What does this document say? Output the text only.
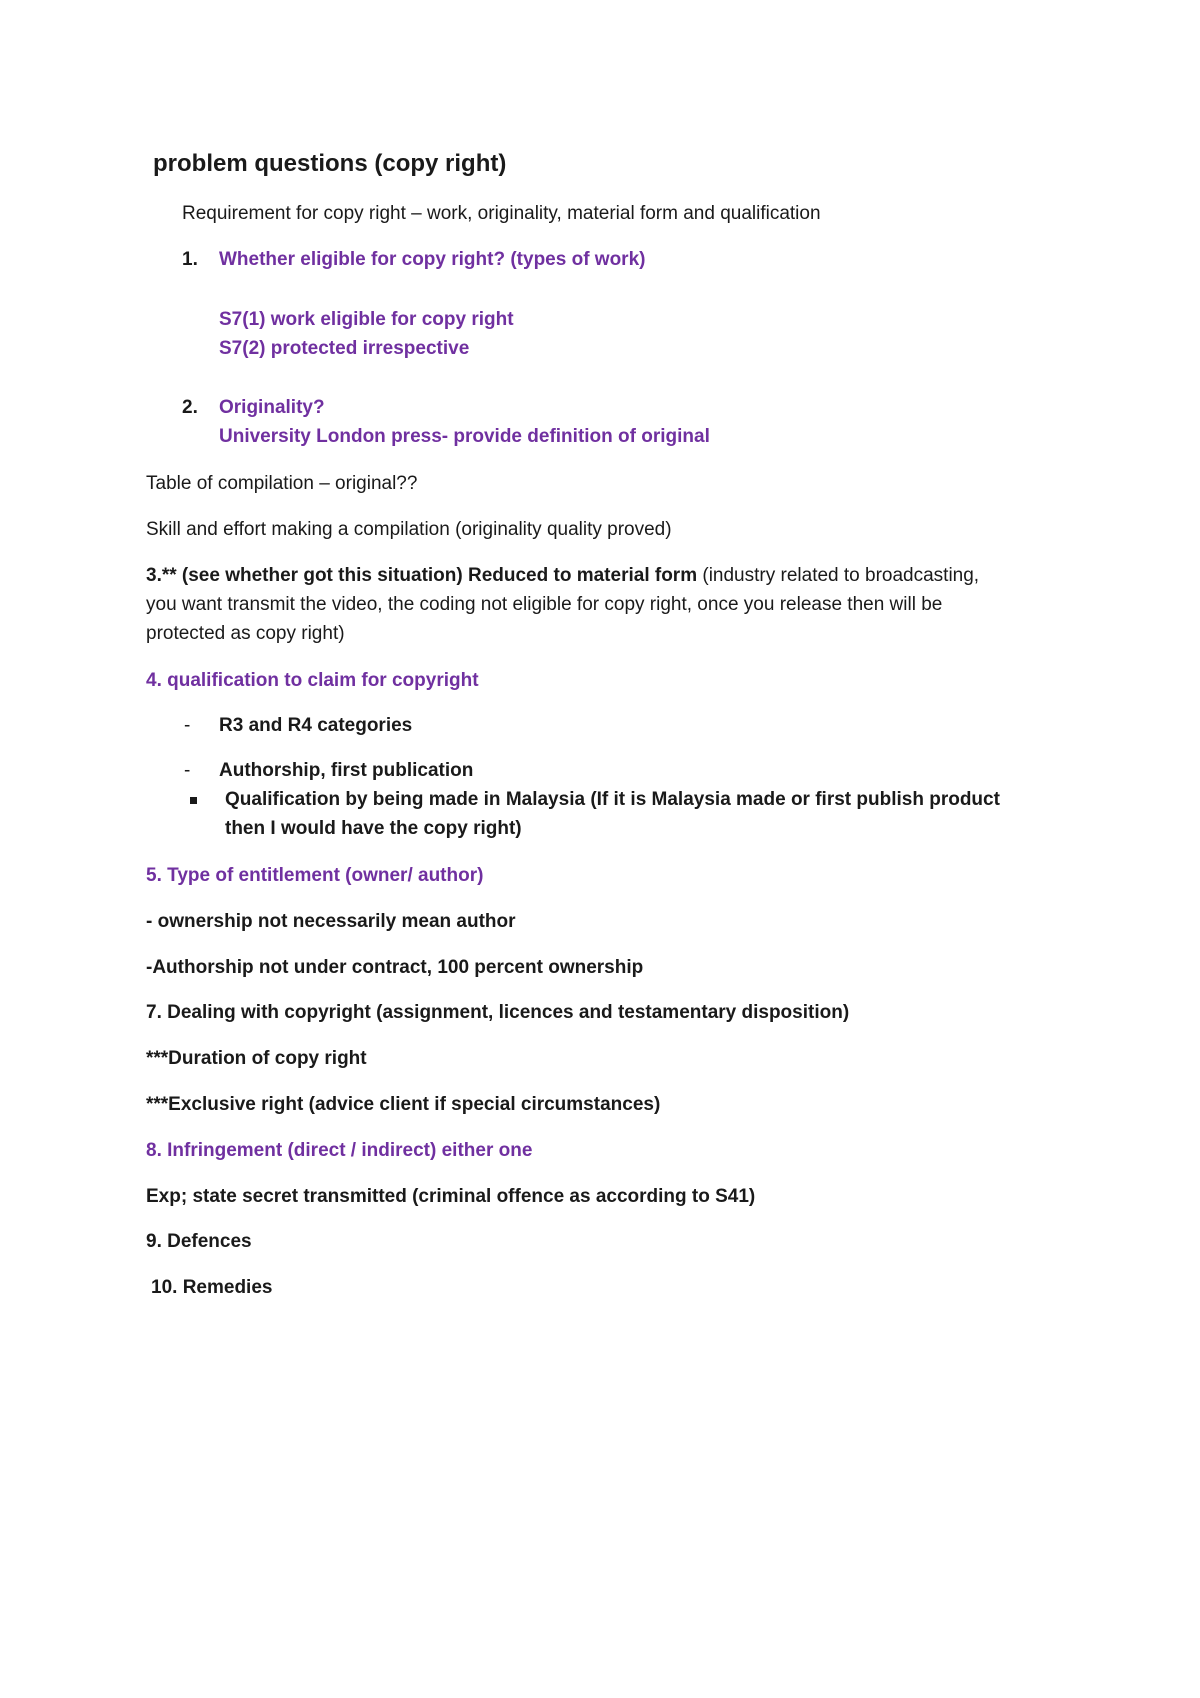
problem questions (copy right)
Requirement for copy right – work, originality, material form and qualification
1. Whether eligible for copy right? (types of work)
S7(1) work eligible for copy right
S7(2) protected irrespective
2. Originality?
University London press- provide definition of original
Table of compilation – original??
Skill and effort making a compilation (originality quality proved)
3.** (see whether got this situation) Reduced to material form (industry related to broadcasting,
you want transmit the video, the coding not eligible for copy right, once you release then will be
protected as copy right)
4. qualification to claim for copyright
- R3 and R4 categories
- Authorship, first publication
Qualification by being made in Malaysia (If it is Malaysia made or first publish product
then I would have the copy right)
5. Type of entitlement (owner/ author)
- ownership not necessarily mean author
-Authorship not under contract, 100 percent ownership
7. Dealing with copyright (assignment, licences and testamentary disposition)
***Duration of copy right
***Exclusive right (advice client if special circumstances)
8. Infringement (direct / indirect) either one
Exp; state secret transmitted (criminal offence as according to S41)
9. Defences
10. Remedies
